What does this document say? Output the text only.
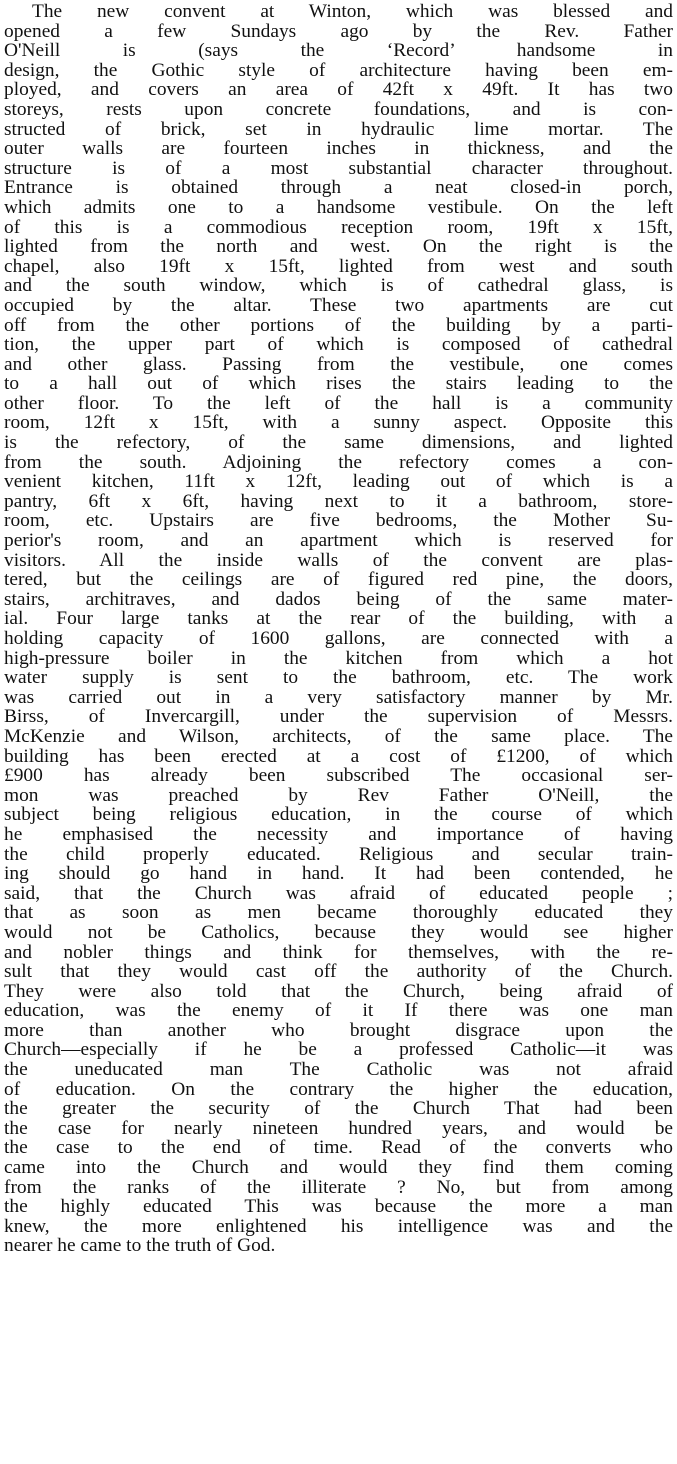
The new convent at Winton, which was blessed and
opened a few Sundays ago by the Rev. Father
O'Neill is (says the ‘Record’ handsome in
design, the Gothic style of architecture having been em-
ployed, and covers an area of 42ft x 49ft. It has two
storeys, rests upon concrete foundations, and is con-
structed of brick, set in hydraulic lime mortar. The
outer walls are fourteen inches in thickness, and the
structure is of a most substantial character throughout.
Entrance is obtained through a neat closed-in porch,
which admits one to a handsome vestibule. On the left
of this is a commodious reception room, 19ft x 15ft,
lighted from the north and west. On the right is the
chapel, also 19ft x 15ft, lighted from west and south
and the south window, which is of cathedral glass, is
occupied by the altar. These two apartments are cut
off from the other portions of the building by a parti-
tion, the upper part of which is composed of cathedral
and other glass. Passing from the vestibule, one comes
to a hall out of which rises the stairs leading to the
other floor. To the left of the hall is a community
room, 12ft x 15ft, with a sunny aspect. Opposite this
is the refectory, of the same dimensions, and lighted
from the south. Adjoining the refectory comes a con-
venient kitchen, 11ft x 12ft, leading out of which is a
pantry, 6ft x 6ft, having next to it a bathroom, store-
room, etc. Upstairs are five bedrooms, the Mother Su-
perior's room, and an apartment which is reserved for
visitors. All the inside walls of the convent are plas-
tered, but the ceilings are of figured red pine, the doors,
stairs, architraves, and dados being of the same mater-
ial. Four large tanks at the rear of the building, with a
holding capacity of 1600 gallons, are connected with a
high-pressure boiler in the kitchen from which a hot
water supply is sent to the bathroom, etc. The work
was carried out in a very satisfactory manner by Mr.
Birss, of Invercargill, under the supervision of Messrs.
McKenzie and Wilson, architects, of the same place. The
building has been erected at a cost of £1200, of which
£900 has already been subscribed The occasional ser-
mon was preached by Rev Father O'Neill, the
subject being religious education, in the course of which
he emphasised the necessity and importance of having
the child properly educated. Religious and secular train-
ing should go hand in hand. It had been contended, he
said, that the Church was afraid of educated people ;
that as soon as men became thoroughly educated they
would not be Catholics, because they would see higher
and nobler things and think for themselves, with the re-
sult that they would cast off the authority of the Church.
They were also told that the Church, being afraid of
education, was the enemy of it If there was one man
more than another who brought disgrace upon the
Church—especially if he be a professed Catholic—it was
the uneducated man The Catholic was not afraid
of education. On the contrary the higher the education,
the greater the security of the Church That had been
the case for nearly nineteen hundred years, and would be
the case to the end of time. Read of the converts who
came into the Church and would they find them coming
from the ranks of the illiterate ? No, but from among
the highly educated This was because the more a man
knew, the more enlightened his intelligence was and the
nearer he came to the truth of God.
